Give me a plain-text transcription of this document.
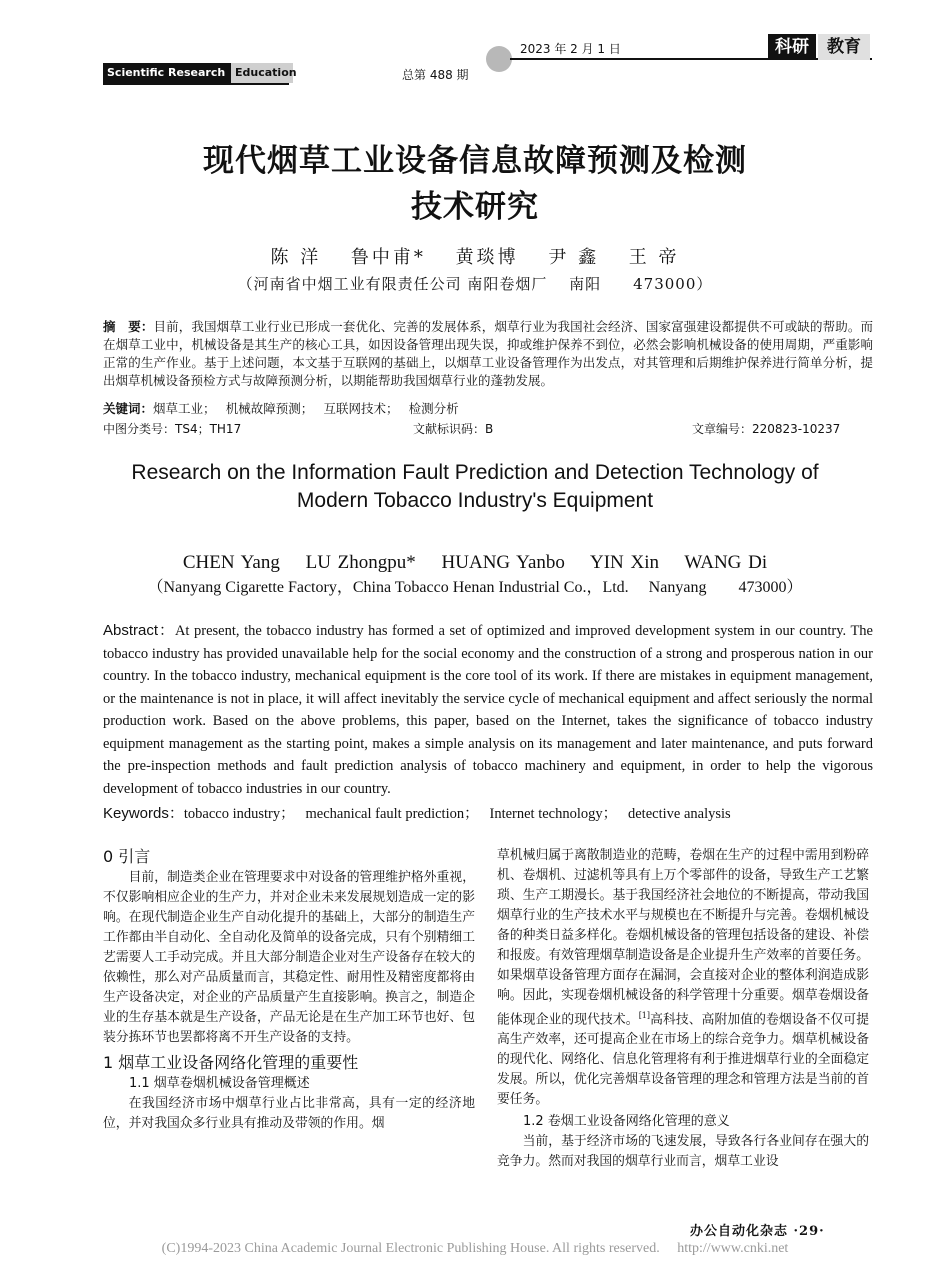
2023 年 2 月 1 日
总第 488 期
Scientific Research Education
科研	教育
现代烟草工业设备信息故障预测及检测
技术研究
陈 洋　 鲁中甫*　 黄琰博　 尹 鑫　 王 帝
（河南省中烟工业有限责任公司 南阳卷烟厂　 南阳　　473000）
摘　要：目前，我国烟草工业行业已形成一套优化、完善的发展体系，烟草行业为我国社会经济、国家富强建设都提供不可或缺的帮助。而在烟草工业中，机械设备是其生产的核心工具，如因设备管理出现失误，抑或维护保养不到位，必然会影响机械设备的使用周期，严重影响正常的生产作业。基于上述问题，本文基于互联网的基础上，以烟草工业设备管理作为出发点，对其管理和后期维护保养进行简单分析，提出烟草机械设备预检方式与故障预测分析，以期能帮助我国烟草行业的蓬勃发展。
关键词：烟草工业；　 机械故障预测；　 互联网技术；　 检测分析
中图分类号：TS4；TH17	文献标识码：B	文章编号：220823-10237
Research on the Information Fault Prediction and Detection Technology of
Modern Tobacco Industry's Equipment
CHEN Yang　 LU Zhongpu*　 HUANG Yanbo　 YIN Xin　 WANG Di
（Nanyang Cigarette Factory，China Tobacco Henan Industrial Co.，Ltd.　 Nanyang　　473000）
Abstract：At present, the tobacco industry has formed a set of optimized and improved development system in our country. The tobacco industry has provided unavailable help for the social economy and the construction of a strong and prosperous nation in our country. In the tobacco industry, mechanical equipment is the core tool of its work. If there are mistakes in equipment management, or the maintenance is not in place, it will affect inevitably the service cycle of mechanical equipment and affect seriously the normal production work. Based on the above problems, this paper, based on the Internet, takes the significance of tobacco industry equipment management as the starting point, makes a simple analysis on its management and later maintenance, and puts forward the pre-inspection methods and fault prediction analysis of tobacco machinery and equipment, in order to help the vigorous development of tobacco industries in our country.
Keywords：tobacco industry；　 mechanical fault prediction；　 Internet technology；　 detective analysis
0 引言

目前，制造类企业在管理要求中对设备的管理维护格外重视，不仅影响相应企业的生产力，并对企业未来发展规划造成一定的影响。在现代制造企业生产自动化提升的基础上，大部分的制造生产工作都由半自动化、全自动化及简单的设备完成，只有个别精细工艺需要人工手动完成。并且大部分制造企业对生产设备存在较大的依赖性，那么对产品质量而言，其稳定性、耐用性及精密度都将由生产设备决定，对企业的产品质量产生直接影响。换言之，制造企业的生存基本就是生产设备，产品无论是在生产加工环节也好、包装分拣环节也罢都将离不开生产设备的支持。

1 烟草工业设备网络化管理的重要性
1.1 烟草卷烟机械设备管理概述

在我国经济市场中烟草行业占比非常高，具有一定的经济地位，并对我国众多行业具有推动及带领的作用。烟

草机械归属于离散制造业的范畴，卷烟在生产的过程中需用到粉碎机、卷烟机、过滤机等具有上万个零部件的设备，导致生产工艺繁琐、生产工期漫长。基于我国经济社会地位的不断提高，带动我国烟草行业的生产技术水平与规模也在不断提升与完善。卷烟机械设备的种类日益多样化。卷烟机械设备的管理包括设备的建设、补偿和报废。有效管理烟草制造设备是企业提升生产效率的首要任务。如果烟草设备管理方面存在漏洞，会直接对企业的整体利润造成影响。因此，实现卷烟机械设备的科学管理十分重要。烟草卷烟设备能体现企业的现代技术。[1]高科技、高附加值的卷烟设备不仅可提高生产效率，还可提高企业在市场上的综合竞争力。烟草机械设备的现代化、网络化、信息化管理将有利于推进烟草行业的全面稳定发展。所以，优化完善烟草设备管理的理念和管理方法是当前的首要任务。

1.2 卷烟工业设备网络化管理的意义

当前，基于经济市场的飞速发展，导致各行各业间存在强大的竞争力。然而对我国的烟草行业而言，烟草工业设

办公自动化杂志 ·29·
(C)1994-2023 China Academic Journal Electronic Publishing House. All rights reserved.　 http://www.cnki.net
